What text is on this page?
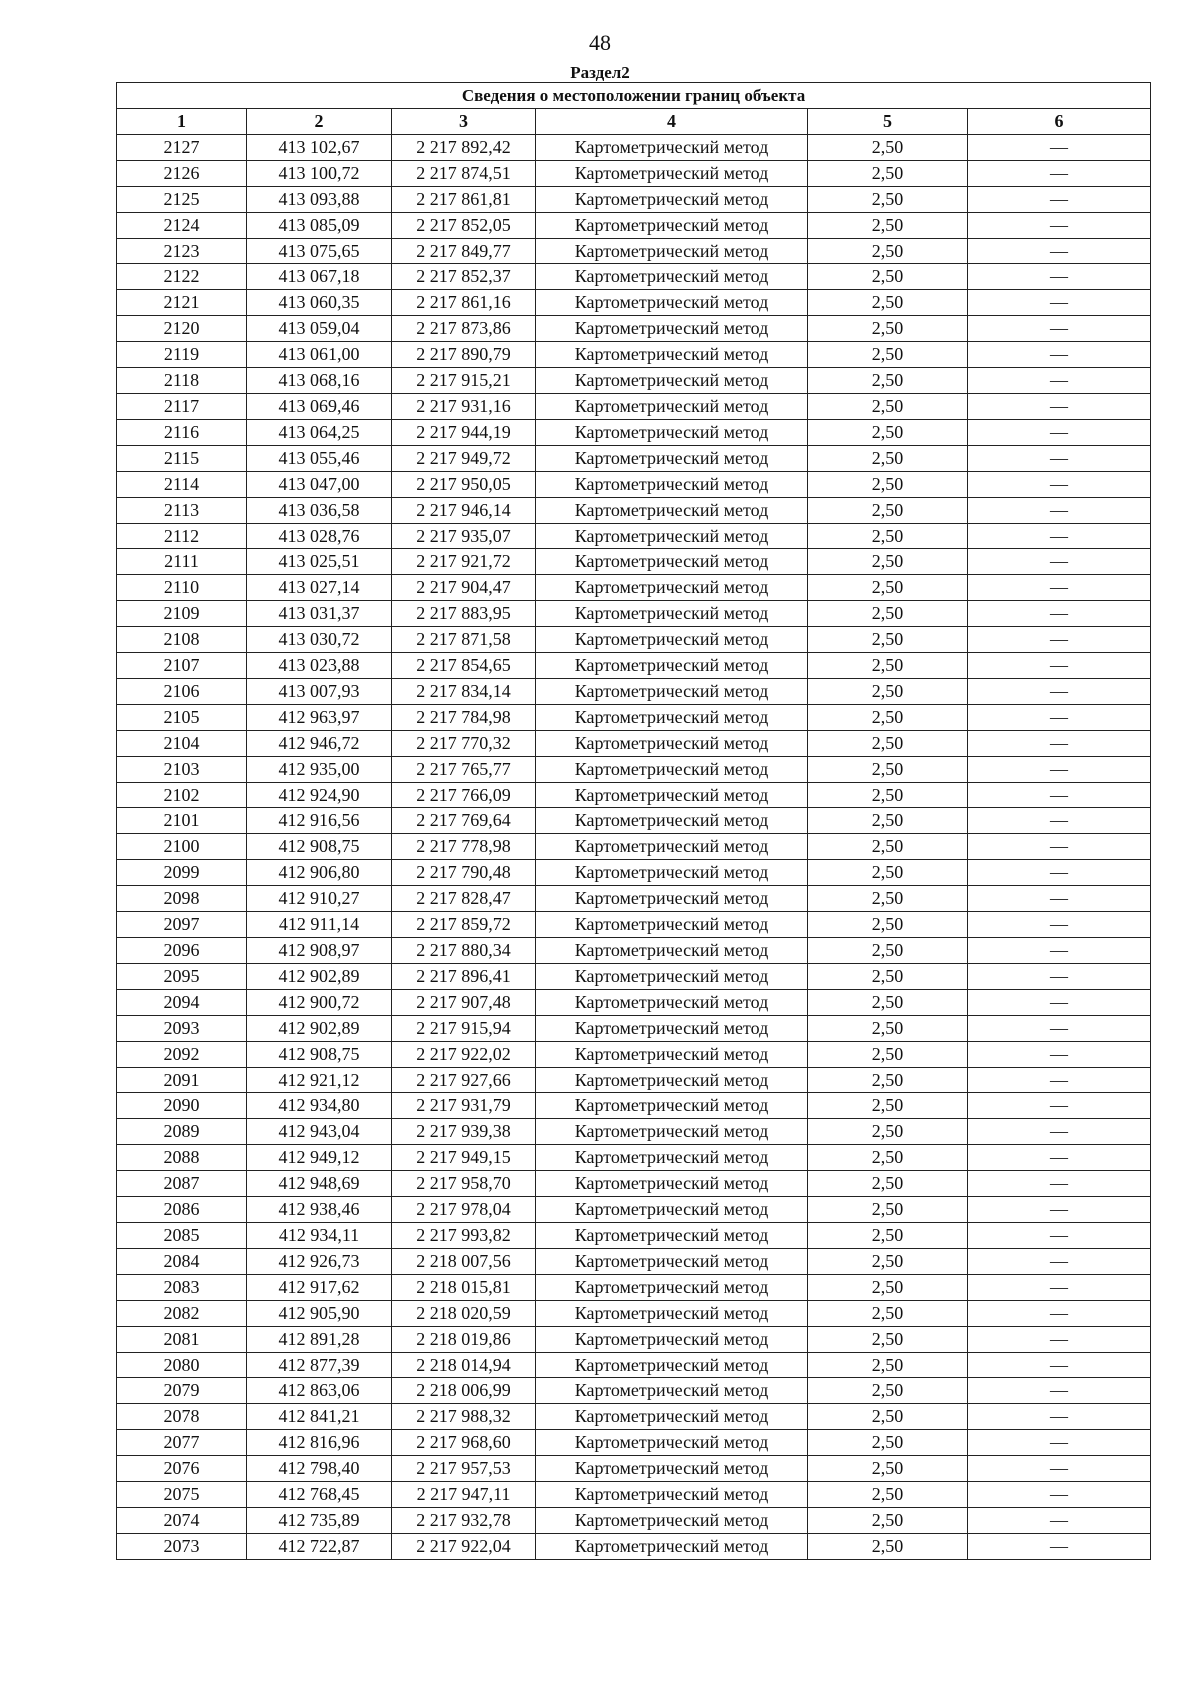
48
Раздел2
Сведения о местоположении границ объекта					
1	2	3	4	5	6
2127	413 102,67	2 217 892,42	Картометрический метод	2,50	—
2126	413 100,72	2 217 874,51	Картометрический метод	2,50	—
2125	413 093,88	2 217 861,81	Картометрический метод	2,50	—
2124	413 085,09	2 217 852,05	Картометрический метод	2,50	—
2123	413 075,65	2 217 849,77	Картометрический метод	2,50	—
2122	413 067,18	2 217 852,37	Картометрический метод	2,50	—
2121	413 060,35	2 217 861,16	Картометрический метод	2,50	—
2120	413 059,04	2 217 873,86	Картометрический метод	2,50	—
2119	413 061,00	2 217 890,79	Картометрический метод	2,50	—
2118	413 068,16	2 217 915,21	Картометрический метод	2,50	—
2117	413 069,46	2 217 931,16	Картометрический метод	2,50	—
2116	413 064,25	2 217 944,19	Картометрический метод	2,50	—
2115	413 055,46	2 217 949,72	Картометрический метод	2,50	—
2114	413 047,00	2 217 950,05	Картометрический метод	2,50	—
2113	413 036,58	2 217 946,14	Картометрический метод	2,50	—
2112	413 028,76	2 217 935,07	Картометрический метод	2,50	—
2111	413 025,51	2 217 921,72	Картометрический метод	2,50	—
2110	413 027,14	2 217 904,47	Картометрический метод	2,50	—
2109	413 031,37	2 217 883,95	Картометрический метод	2,50	—
2108	413 030,72	2 217 871,58	Картометрический метод	2,50	—
2107	413 023,88	2 217 854,65	Картометрический метод	2,50	—
2106	413 007,93	2 217 834,14	Картометрический метод	2,50	—
2105	412 963,97	2 217 784,98	Картометрический метод	2,50	—
2104	412 946,72	2 217 770,32	Картометрический метод	2,50	—
2103	412 935,00	2 217 765,77	Картометрический метод	2,50	—
2102	412 924,90	2 217 766,09	Картометрический метод	2,50	—
2101	412 916,56	2 217 769,64	Картометрический метод	2,50	—
2100	412 908,75	2 217 778,98	Картометрический метод	2,50	—
2099	412 906,80	2 217 790,48	Картометрический метод	2,50	—
2098	412 910,27	2 217 828,47	Картометрический метод	2,50	—
2097	412 911,14	2 217 859,72	Картометрический метод	2,50	—
2096	412 908,97	2 217 880,34	Картометрический метод	2,50	—
2095	412 902,89	2 217 896,41	Картометрический метод	2,50	—
2094	412 900,72	2 217 907,48	Картометрический метод	2,50	—
2093	412 902,89	2 217 915,94	Картометрический метод	2,50	—
2092	412 908,75	2 217 922,02	Картометрический метод	2,50	—
2091	412 921,12	2 217 927,66	Картометрический метод	2,50	—
2090	412 934,80	2 217 931,79	Картометрический метод	2,50	—
2089	412 943,04	2 217 939,38	Картометрический метод	2,50	—
2088	412 949,12	2 217 949,15	Картометрический метод	2,50	—
2087	412 948,69	2 217 958,70	Картометрический метод	2,50	—
2086	412 938,46	2 217 978,04	Картометрический метод	2,50	—
2085	412 934,11	2 217 993,82	Картометрический метод	2,50	—
2084	412 926,73	2 218 007,56	Картометрический метод	2,50	—
2083	412 917,62	2 218 015,81	Картометрический метод	2,50	—
2082	412 905,90	2 218 020,59	Картометрический метод	2,50	—
2081	412 891,28	2 218 019,86	Картометрический метод	2,50	—
2080	412 877,39	2 218 014,94	Картометрический метод	2,50	—
2079	412 863,06	2 218 006,99	Картометрический метод	2,50	—
2078	412 841,21	2 217 988,32	Картометрический метод	2,50	—
2077	412 816,96	2 217 968,60	Картометрический метод	2,50	—
2076	412 798,40	2 217 957,53	Картометрический метод	2,50	—
2075	412 768,45	2 217 947,11	Картометрический метод	2,50	—
2074	412 735,89	2 217 932,78	Картометрический метод	2,50	—
2073	412 722,87	2 217 922,04	Картометрический метод	2,50	—
